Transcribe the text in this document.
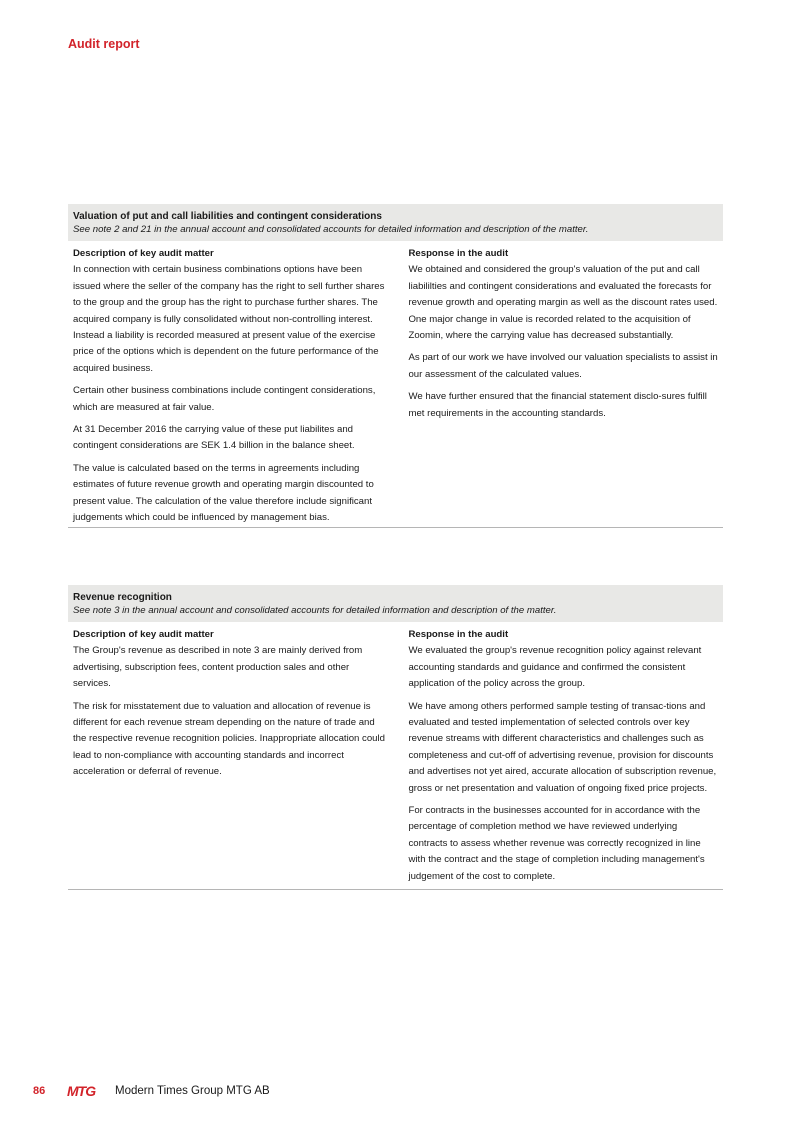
Audit report
Valuation of put and call liabilities and contingent considerations
See note 2 and 21 in the annual account and consolidated accounts for detailed information and description of the matter.
Description of key audit matter

In connection with certain business combinations options have been issued where the seller of the company has the right to sell further shares to the group and the group has the right to purchase further shares. The acquired company is fully consolidated without non-controlling interest. Instead a liability is recorded measured at present value of the exercise price of the options which is dependent on the future performance of the acquired business.

Certain other business combinations include contingent considerations, which are measured at fair value.

At 31 December 2016 the carrying value of these put liabilites and contingent considerations are SEK 1.4 billion in the balance sheet.

The value is calculated based on the terms in agreements including estimates of future revenue growth and operating margin discounted to present value. The calculation of the value therefore include significant judgements which could be influenced by management bias.

Response in the audit

We obtained and considered the group's valuation of the put and call liabililties and contingent considerations and evaluated the forecasts for revenue growth and operating margin as well as the discount rates used. One major change in value is recorded related to the acquisition of Zoomin, where the carrying value has decreased substantially.

As part of our work we have involved our valuation specialists to assist in our assessment of the calculated values.

We have further ensured that the financial statement disclo-sures fulfill met requirements in the accounting standards.

Revenue recognition
See note 3 in the annual account and consolidated accounts for detailed information and description of the matter.
Description of key audit matter

The Group's revenue as described in note 3 are mainly derived from advertising, subscription fees, content production sales and other services.

The risk for misstatement due to valuation and allocation of revenue is different for each revenue stream depending on the nature of trade and the respective revenue recognition policies. Inappropriate allocation could lead to non-compliance with accounting standards and incorrect acceleration or deferral of revenue.

Response in the audit

We evaluated the group's revenue recognition policy against relevant accounting standards and guidance and confirmed the consistent application of the policy across the group.

We have among others performed sample testing of transac-tions and evaluated and tested implementation of selected controls over key revenue streams with different characteristics and challenges such as completeness and cut-off of advertising revenue, provision for discounts and advertises not yet aired, accurate allocation of subscription revenue, gross or net presentation and valuation of ongoing fixed price projects.

For contracts in the businesses accounted for in accordance with the percentage of completion method we have reviewed underlying contracts to assess whether revenue was correctly recognized in line with the contract and the stage of completion including management's judgement of the cost to complete.

86	MTG Modern Times Group MTG AB
